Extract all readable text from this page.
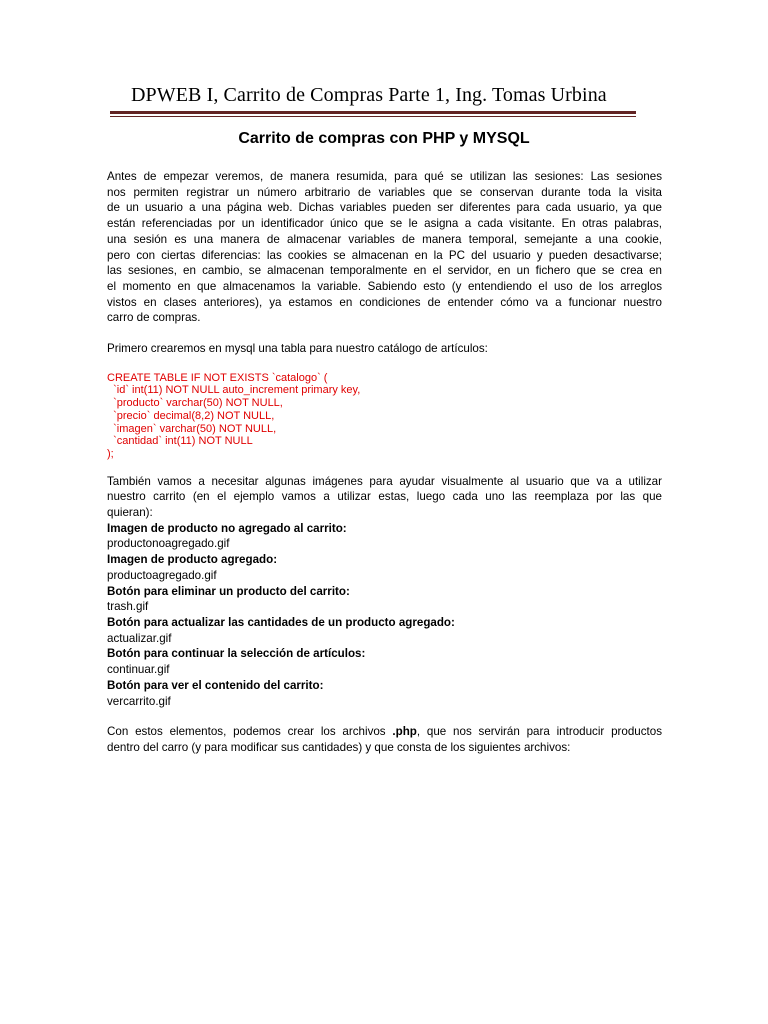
DPWEB I, Carrito de Compras Parte 1, Ing. Tomas Urbina
Carrito de compras con PHP y MYSQL
Antes de empezar veremos, de manera resumida, para qué se utilizan las sesiones: Las sesiones
nos permiten registrar un número arbitrario de variables que se conservan durante toda la visita
de un usuario a una página web. Dichas variables pueden ser diferentes para cada usuario, ya que
están referenciadas por un identificador único que se le asigna a cada visitante. En otras palabras,
una sesión es una manera de almacenar variables de manera temporal, semejante a una cookie,
pero con ciertas diferencias: las cookies se almacenan en la PC del usuario y pueden desactivarse;
las sesiones, en cambio, se almacenan temporalmente en el servidor, en un fichero que se crea en
el momento en que almacenamos la variable. Sabiendo esto (y entendiendo el uso de los arreglos
vistos en clases anteriores), ya estamos en condiciones de entender cómo va a funcionar nuestro
carro de compras.

Primero crearemos en mysql una tabla para nuestro catálogo de artículos:

CREATE TABLE IF NOT EXISTS `catalogo` (
`id` int(11) NOT NULL auto_increment primary key,
`producto` varchar(50) NOT NULL,
`precio` decimal(8,2) NOT NULL,
`imagen` varchar(50) NOT NULL,
`cantidad` int(11) NOT NULL
);
También vamos a necesitar algunas imágenes para ayudar visualmente al usuario que va a utilizar
nuestro carrito (en el ejemplo vamos a utilizar estas, luego cada uno las reemplaza por las que
quieran):

Imagen de producto no agregado al carrito:

productonoagregado.gif

Imagen de producto agregado:

productoagregado.gif

Botón para eliminar un producto del carrito:

trash.gif

Botón para actualizar las cantidades de un producto agregado:

actualizar.gif

Botón para continuar la selección de artículos:

continuar.gif

Botón para ver el contenido del carrito:

vercarrito.gif

Con estos elementos, podemos crear los archivos .php, que nos servirán para introducir productos
dentro del carro (y para modificar sus cantidades) y que consta de los siguientes archivos:
